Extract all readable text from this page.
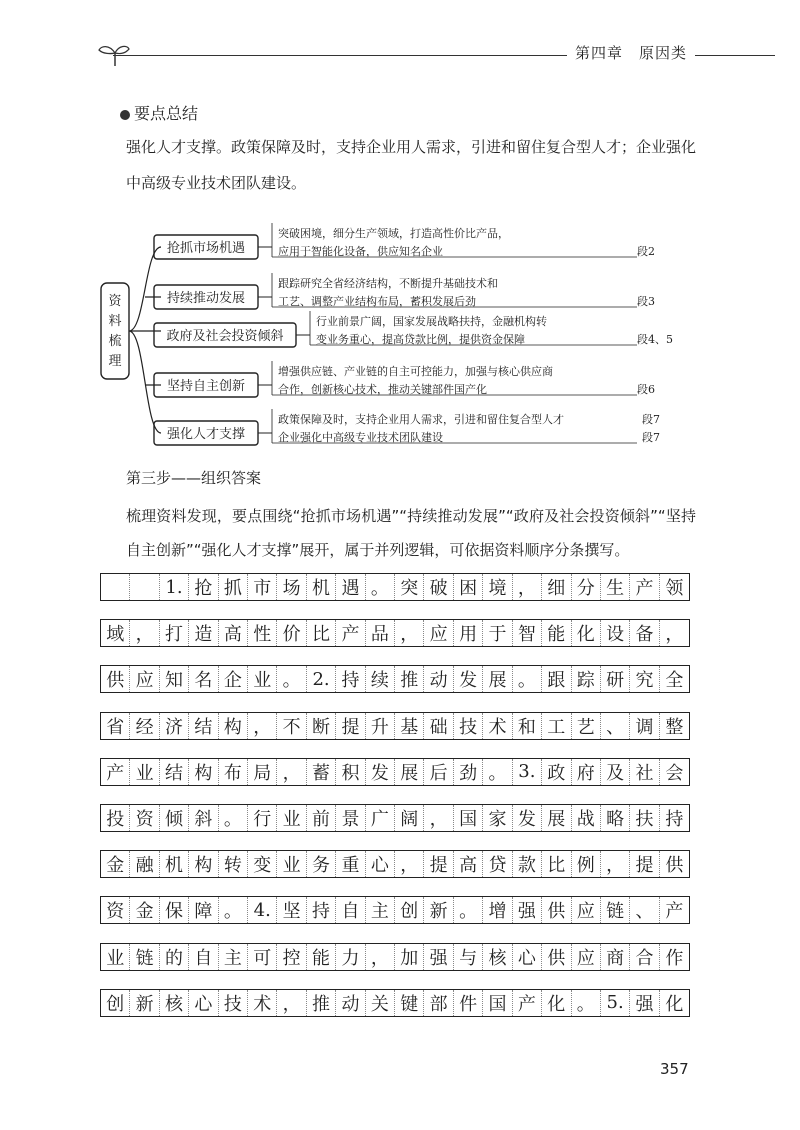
第四章　原因类
要点总结
强化人才支撑。政策保障及时，支持企业用人需求，引进和留住复合型人才；企业强化中高级专业技术团队建设。
资
料
梳
理
抢抓市场机遇
突破困境，细分生产领域，打造高性价比产品，
应用于智能化设备，供应知名企业	段2
持续推动发展
跟踪研究全省经济结构，不断提升基础技术和
工艺、调整产业结构布局，蓄积发展后劲	段3
政府及社会投资倾斜
行业前景广阔，国家发展战略扶持，金融机构转
变业务重心，提高贷款比例，提供资金保障	段4、5
坚持自主创新
增强供应链、产业链的自主可控能力，加强与核心供应商
合作，创新核心技术，推动关键部件国产化	段6
强化人才支撑
政策保障及时，支持企业用人需求，引进和留住复合型人才
企业强化中高级专业技术团队建设
段7
段7
第三步——组织答案
梳理资料发现，要点围绕“抢抓市场机遇”“持续推动发展”“政府及社会投资倾斜”“坚持自主创新”“强化人才支撑”展开，属于并列逻辑，可依据资料顺序分条撰写。
1. 抢 抓 市 场 机 遇 。 突 破 困 境 ， 细 分 生 产 领
域 ， 打 造 高 性 价 比 产 品 ， 应 用 于 智 能 化 设 备 ，
供 应 知 名 企 业 。 2. 持 续 推 动 发 展 。 跟 踪 研 究 全
省 经 济 结 构 ， 不 断 提 升 基 础 技 术 和 工 艺 、 调 整
产 业 结 构 布 局 ， 蓄 积 发 展 后 劲 。 3. 政 府 及 社 会
投 资 倾 斜 。 行 业 前 景 广 阔 ， 国 家 发 展 战 略 扶 持
金 融 机 构 转 变 业 务 重 心 ， 提 高 贷 款 比 例 ， 提 供
资 金 保 障 。 4. 坚 持 自 主 创 新 。 增 强 供 应 链 、 产
业 链 的 自 主 可 控 能 力 ， 加 强 与 核 心 供 应 商 合 作
创 新 核 心 技 术 ， 推 动 关 键 部 件 国 产 化 。 5. 强 化
357
